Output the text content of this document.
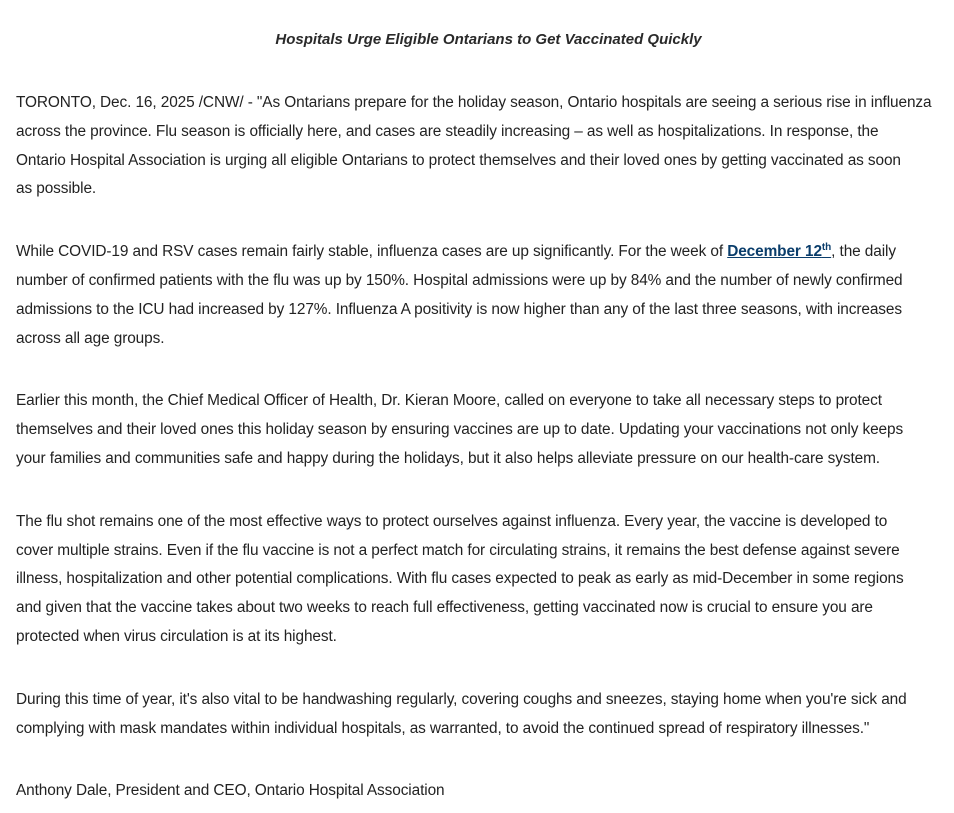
Hospitals Urge Eligible Ontarians to Get Vaccinated Quickly

TORONTO, Dec. 16, 2025 /CNW/ - "As Ontarians prepare for the holiday season, Ontario hospitals are seeing a serious rise in influenza
across the province. Flu season is officially here, and cases are steadily increasing – as well as hospitalizations. In response, the
Ontario Hospital Association is urging all eligible Ontarians to protect themselves and their loved ones by getting vaccinated as soon
as possible.

While COVID-19 and RSV cases remain fairly stable, influenza cases are up significantly. For the week of December 12th, the daily
number of confirmed patients with the flu was up by 150%. Hospital admissions were up by 84% and the number of newly confirmed
admissions to the ICU had increased by 127%. Influenza A positivity is now higher than any of the last three seasons, with increases
across all age groups.

Earlier this month, the Chief Medical Officer of Health, Dr. Kieran Moore, called on everyone to take all necessary steps to protect
themselves and their loved ones this holiday season by ensuring vaccines are up to date. Updating your vaccinations not only keeps
your families and communities safe and happy during the holidays, but it also helps alleviate pressure on our health-care system.

The flu shot remains one of the most effective ways to protect ourselves against influenza. Every year, the vaccine is developed to
cover multiple strains. Even if the flu vaccine is not a perfect match for circulating strains, it remains the best defense against severe
illness, hospitalization and other potential complications. With flu cases expected to peak as early as mid-December in some regions
and given that the vaccine takes about two weeks to reach full effectiveness, getting vaccinated now is crucial to ensure you are
protected when virus circulation is at its highest.

During this time of year, it's also vital to be handwashing regularly, covering coughs and sneezes, staying home when you're sick and
complying with mask mandates within individual hospitals, as warranted, to avoid the continued spread of respiratory illnesses."

Anthony Dale, President and CEO, Ontario Hospital Association
